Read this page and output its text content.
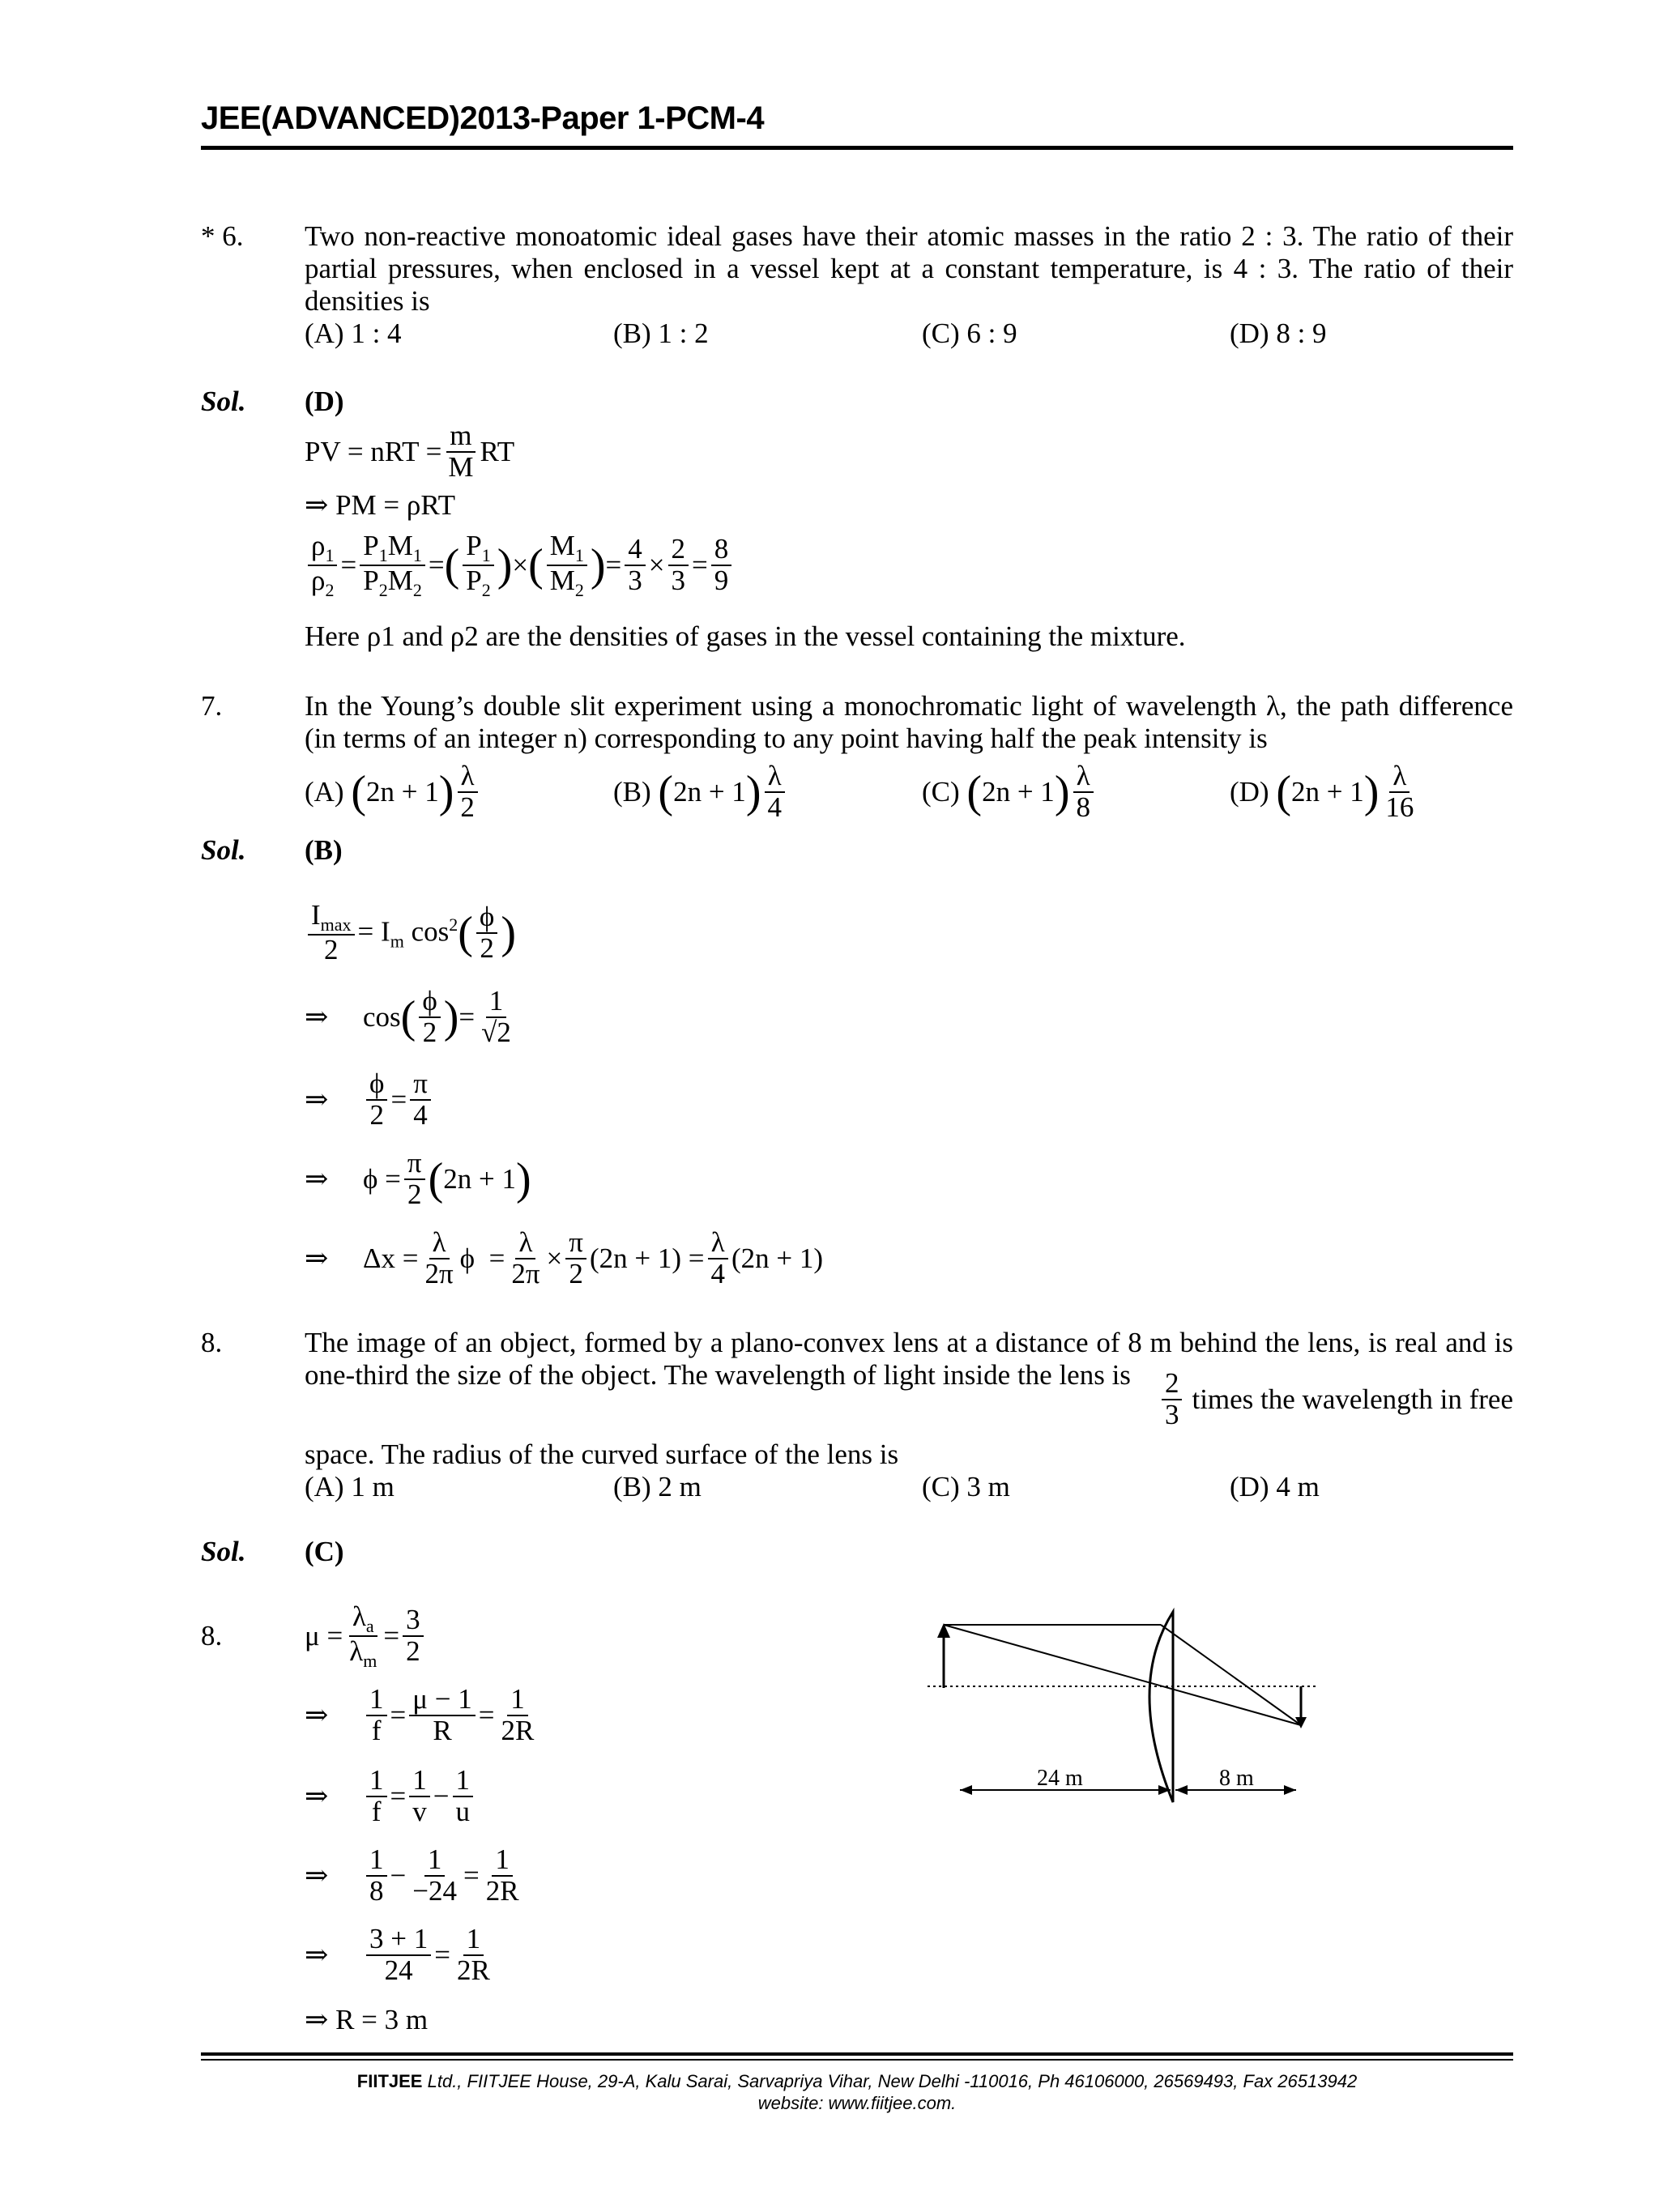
JEE(ADVANCED)2013-Paper 1-PCM-4
* 6. Two non-reactive monoatomic ideal gases have their atomic masses in the ratio 2 : 3. The ratio of their partial pressures, when enclosed in a vessel kept at a constant temperature, is 4 : 3. The ratio of their densities is
(A) 1 : 4	(B) 1 : 2	(C) 6 : 9	(D) 8 : 9
Sol. (D)
PV = nRT = $\frac{m}{M}$ RT
⇒ PM = ρRT
$\frac{\rho_1}{\rho_2} = \frac{P_1M_1}{P_2M_2}$ = ( $\frac{P_1}{P_2}$ ) × ( $\frac{M_1}{M_2}$ ) = $\frac{4}{3} \times \frac{2}{3} = \frac{8}{9}$
Here ρ1 and ρ2 are the densities of gases in the vessel containing the mixture.
7.	In the Young’s double slit experiment using a monochromatic light of wavelength λ, the path difference (in terms of an integer n) corresponding to any point having half the peak intensity is
(A)
( 2n + 1 ) $\frac{\lambda}{2}$	(B)
( 2n + 1 ) $\frac{\lambda}{4}$	(C)
( 2n + 1 ) $\frac{\lambda}{8}$	(D)
( 2n + 1 ) $\frac{\lambda}{16}$
Sol. (B)
$\frac{I_{max}}{2} = I_m$ $\cos^2$ ( $\frac{\phi}{2}$ )
⇒	cos ( $\frac{\phi}{2}$ ) = $\frac{1}{√2}$
⇒	$\frac{\phi}{2} = \frac{\pi}{4}$
⇒	$\phi = \frac{\pi}{2}$ ( 2n + 1 )
⇒	$\Delta x = \frac{\lambda}{2\pi}$ $\phi = \frac{\lambda}{2\pi} \times \frac{\pi}{2} (2n + 1) = \frac{\lambda}{4} (2n + 1)$
8.	The image of an object, formed by a plano-convex lens at a distance of 8 m behind the lens, is real and is one-third the size of the object. The wavelength of light inside the lens is	$\frac{2}{3}$ times the wavelength in free
space. The radius of the curved surface of the lens is
(A) 1 m	(B) 2 m	(C) 3 m	(D) 4 m
Sol. (C)
8.	$\mu = \frac{\lambda_a}{\lambda_m} = \frac{3}{2}$
⇒	$\frac{1}{f} = \frac{\mu - 1}{R} = \frac{1}{2R}$
⇒	$\frac{1}{f} = \frac{1}{v} - \frac{1}{u}$
⇒	$\frac{1}{8} - \frac{1}{-24} = \frac{1}{2R}$
⇒	$\frac{3 + 1}{24} = \frac{1}{2R}$
⇒ R = 3 m
24 m	8 m
FIITJEE Ltd., FIITJEE House, 29-A, Kalu Sarai, Sarvapriya Vihar, New Delhi -110016, Ph 46106000, 26569493, Fax 26513942
website: www.fiitjee.com.
